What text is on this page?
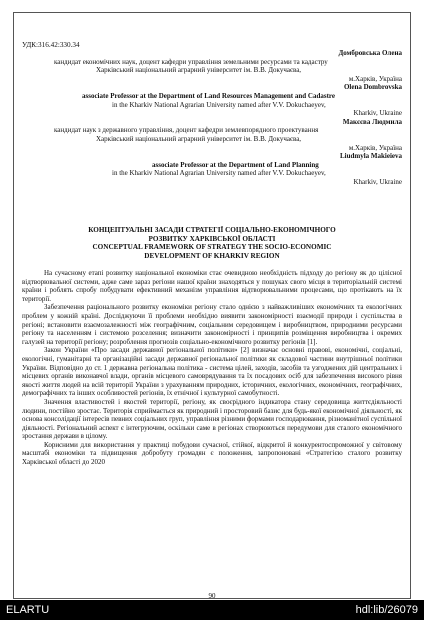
УДК:316.42:330.34
Домбровська Олена
кандидат економічних наук, доцент кафедри управління земельними ресурсами та кадастру
Харківський національний аграрний університет ім. В.В. Докучаєва,
м.Харків, Україна
Olena Dombrovska
associate Professor at the Department of Land Resources Management and Cadastre
in the Kharkiv National Agrarian University named after V.V. Dokuchaeyev,
Kharkiv, Ukraine
Макєєва Людмила
кандидат наук з державного управління, доцент кафедри землевпорядного проектування
Харківський національний аграрний університет ім. В.В. Докучаєва,
м.Харків, Україна
Liudmyla Makieieva
associate Professor at the Department of Land Planning
in the Kharkiv National Agrarian University named after V.V. Dokuchaeyev,
Kharkiv, Ukraine
КОНЦЕПТУАЛЬНІ ЗАСАДИ СТРАТЕГІЇ СОЦІАЛЬНО-ЕКОНОМІЧНОГО
РОЗВИТКУ ХАРКІВСЬКОЇ ОБЛАСТІ
CONCEPTUAL FRAMEWORK OF STRATEGY THE SOCIO-ECONOMIC
DEVELOPMENT OF KHARKIV REGION

На сучасному етапі розвитку національної економіки стає очевидною необхідність підходу до регіону як до цілісної відтворювальної системи, адже саме зараз регіони нашої країни знаходяться у пошуках свого місця в територіальній системі країни і роблять спробу побудувати ефективний механізм управління відтворювальними процесами, що протікають на їх території.

Забезпечення раціонального розвитку економіки регіону стало однією з найважливіших економічних та екологічних проблем у кожній країні. Досліджуючи її проблеми необхідно виявити закономірності взаємодії природи і суспільства в регіоні; встановити взаємозалежності між географічним, соціальним середовищем і виробництвом, природними ресурсами регіону та населенням і системою розселення; визначити закономірності і принципів розміщення виробництва і окремих галузей на території регіону; розроблення прогнозів соціально-економічного розвитку регіонів [1].

Закон України «Про засади державної регіональної політики» [2] визначає основні правові, економічні, соціальні, екологічні, гуманітарні та організаційні засади державної регіональної політики як складової частини внутрішньої політики України. Відповідно до ст. 1 державна регіональна політика - система цілей, заходів, засобів та узгоджених дій центральних і місцевих органів виконавчої влади, органів місцевого самоврядування та їх посадових осіб для забезпечення високого рівня якості життя людей на всій території України з урахуванням природних, історичних, екологічних, економічних, географічних, демографічних та інших особливостей регіонів, їх етнічної і культурної самобутності.

Значення властивостей і якостей території, регіону, як своєрідного індикатора стану середовища життєдіяльності людини, постійно зростає. Територія сприймається як природний і просторовий базис для будь-якої економічної діяльності, як основа консолідації інтересів певних соціальних груп, управління різними формами господарювання, різноманітної суспільної діяльності. Регіональний аспект є інтегруючим, оскільки саме в регіонах створюються передумови для сталого економічного зростання держави в цілому.

Корисними для використання у практиці побудови сучасної, стійкої, відкритої й конкурентоспроможної у світовому масштабі економіки та підвищення добробуту громадян є положення, запропоновані «Стратегією сталого розвитку Харківської області до 2020

90
ELARTU	hdl:lib/26079
